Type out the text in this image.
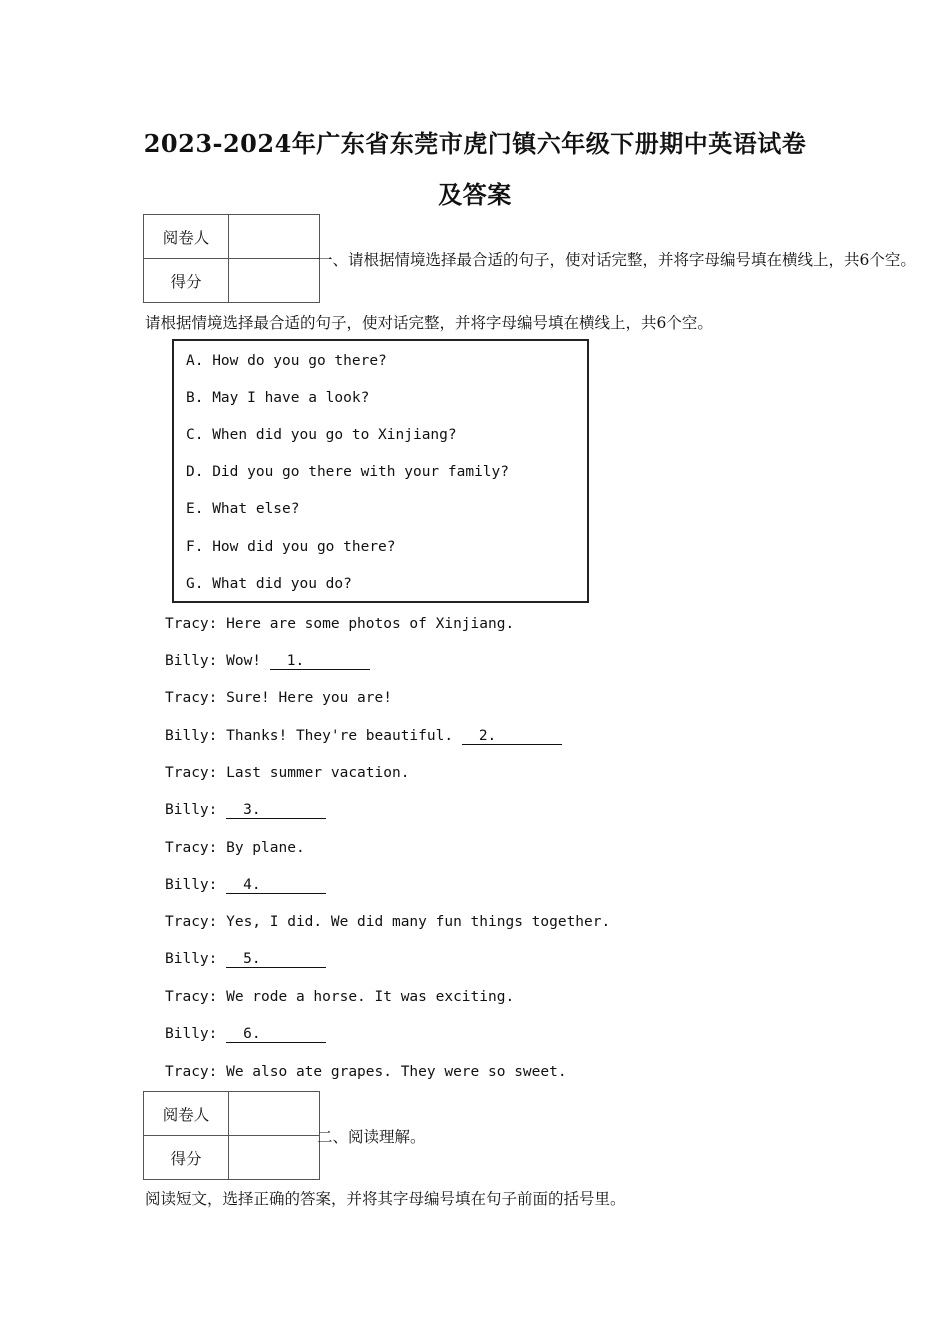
2023-2024年广东省东莞市虎门镇六年级下册期中英语试卷
及答案
阅卷人	
得分	
一、请根据情境选择最合适的句子，使对话完整，并将字母编号填在横线上，共6个空。
请根据情境选择最合适的句子，使对话完整，并将字母编号填在横线上，共6个空。
A. How do you go there?
B. May I have a look?
C. When did you go to Xinjiang?
D. Did you go there with your family?
E. What else?
F. How did you go there?
G. What did you do?
Tracy: Here are some photos of Xinjiang.
Billy: Wow! 1.
Tracy: Sure! Here you are!
Billy: Thanks! They're beautiful. 2.
Tracy: Last summer vacation.
Billy: 3.
Tracy: By plane.
Billy: 4.
Tracy: Yes, I did. We did many fun things together.
Billy: 5.
Tracy: We rode a horse. It was exciting.
Billy: 6.
Tracy: We also ate grapes. They were so sweet.
阅卷人	
得分	
二、阅读理解。
阅读短文，选择正确的答案，并将其字母编号填在句子前面的括号里。
